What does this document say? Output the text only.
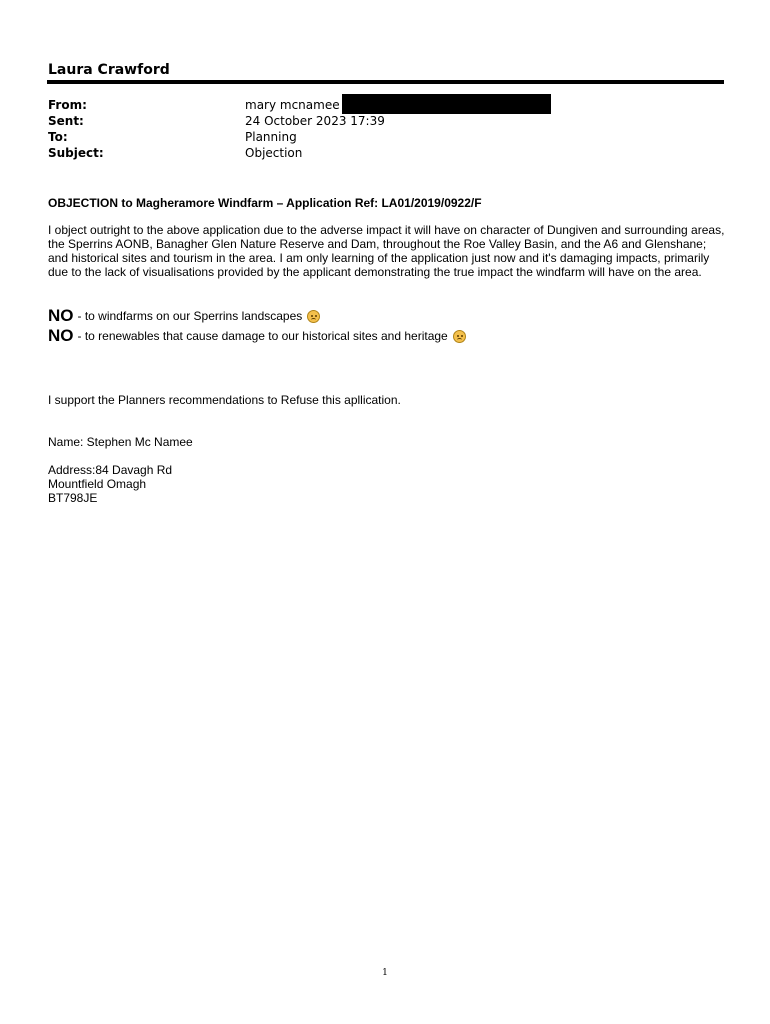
Laura Crawford
From:	mary mcnamee
Sent:	24 October 2023 17:39
To:	Planning
Subject:	Objection
OBJECTION to Magheramore Windfarm – Application Ref: LA01/2019/0922/F
I object outright to the above application due to the adverse impact it will have on character of Dungiven and surrounding areas, the Sperrins AONB, Banagher Glen Nature Reserve and Dam, throughout the Roe Valley Basin, and the A6 and Glenshane; and historical sites and tourism in the area. I am only learning of the application just now and it's damaging impacts, primarily due to the lack of visualisations provided by the applicant demonstrating the true impact the windfarm will have on the area.
NO - to windfarms on our Sperrins landscapes
NO - to renewables that cause damage to our historical sites and heritage
I support the Planners recommendations to Refuse this apllication.
Name: Stephen Mc Namee
Address:84 Davagh Rd
Mountfield Omagh
BT798JE
1
